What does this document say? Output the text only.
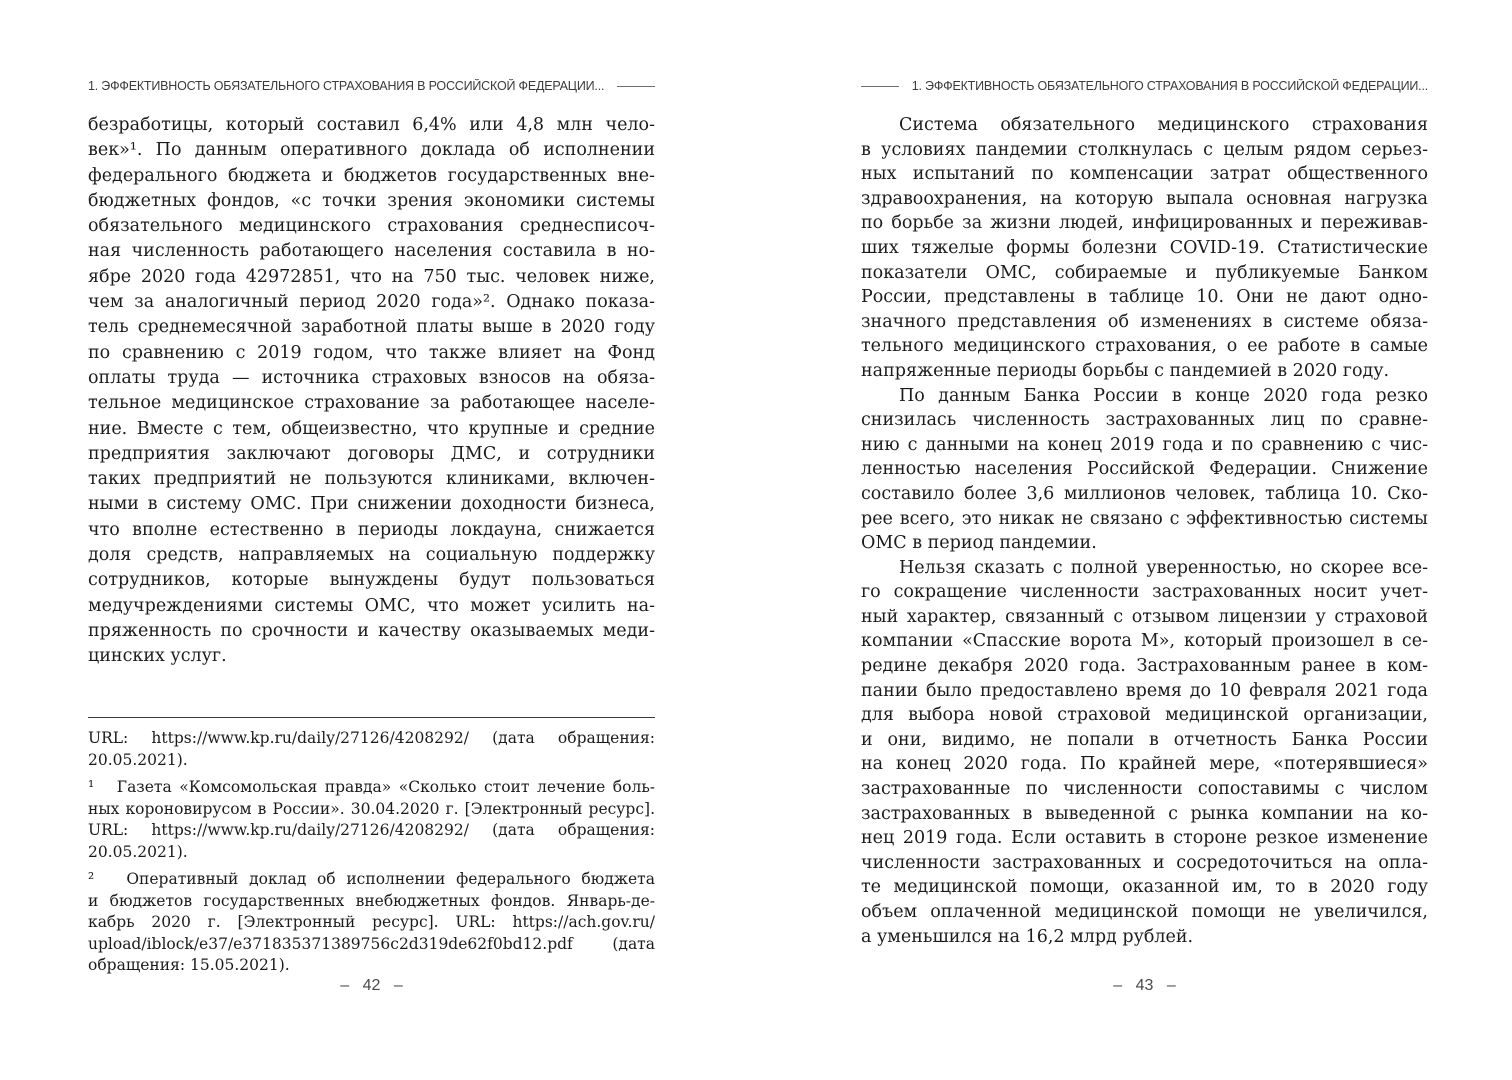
1. ЭФФЕКТИВНОСТЬ ОБЯЗАТЕЛЬНОГО СТРАХОВАНИЯ В РОССИЙСКОЙ ФЕДЕРАЦИИ...
безработицы, который составил 6,4% или 4,8 млн чело-
век»¹. По данным оперативного доклада об исполнении
федерального бюджета и бюджетов государственных вне-
бюджетных фондов, «с точки зрения экономики системы
обязательного медицинского страхования среднесписоч-
ная численность работающего населения составила в но-
ябре 2020 года 42972851, что на 750 тыс. человек ниже,
чем за аналогичный период 2020 года»². Однако показа-
тель среднемесячной заработной платы выше в 2020 году
по сравнению с 2019 годом, что также влияет на Фонд
оплаты труда — источника страховых взносов на обяза-
тельное медицинское страхование за работающее населе-
ние. Вместе с тем, общеизвестно, что крупные и средние
предприятия заключают договоры ДМС, и сотрудники
таких предприятий не пользуются клиниками, включен-
ными в систему ОМС. При снижении доходности бизнеса,
что вполне естественно в периоды локдауна, снижается
доля средств, направляемых на социальную поддержку
сотрудников, которые вынуждены будут пользоваться
медучреждениями системы ОМС, что может усилить на-
пряженность по срочности и качеству оказываемых меди-
цинских услуг.
URL: https://www.kp.ru/daily/27126/4208292/ (дата обращения:
20.05.2021).
¹   Газета «Комсомольская правда» «Сколько стоит лечение боль-
ных короновирусом в России». 30.04.2020 г. [Электронный ресурс].
URL: https://www.kp.ru/daily/27126/4208292/ (дата обращения:
20.05.2021).
²   Оперативный доклад об исполнении федерального бюджета
и бюджетов государственных внебюджетных фондов. Январь-де-
кабрь 2020 г. [Электронный ресурс]. URL: https://ach.gov.ru/
upload/iblock/e37/e371835371389756c2d319de62f0bd12.pdf (дата
обращения: 15.05.2021).
– 42 –
1. ЭФФЕКТИВНОСТЬ ОБЯЗАТЕЛЬНОГО СТРАХОВАНИЯ В РОССИЙСКОЙ ФЕДЕРАЦИИ...
Система обязательного медицинского страхования
в условиях пандемии столкнулась с целым рядом серьез-
ных испытаний по компенсации затрат общественного
здравоохранения, на которую выпала основная нагрузка
по борьбе за жизни людей, инфицированных и переживав-
ших тяжелые формы болезни COVID-19. Статистические
показатели ОМС, собираемые и публикуемые Банком
России, представлены в таблице 10. Они не дают одно-
значного представления об изменениях в системе обяза-
тельного медицинского страхования, о ее работе в самые
напряженные периоды борьбы с пандемией в 2020 году.
По данным Банка России в конце 2020 года резко
снизилась численность застрахованных лиц по сравне-
нию с данными на конец 2019 года и по сравнению с чис-
ленностью населения Российской Федерации. Снижение
составило более 3,6 миллионов человек, таблица 10. Ско-
рее всего, это никак не связано с эффективностью системы
ОМС в период пандемии.
Нельзя сказать с полной уверенностью, но скорее все-
го сокращение численности застрахованных носит учет-
ный характер, связанный с отзывом лицензии у страховой
компании «Спасские ворота М», который произошел в се-
редине декабря 2020 года. Застрахованным ранее в ком-
пании было предоставлено время до 10 февраля 2021 года
для выбора новой страховой медицинской организации,
и они, видимо, не попали в отчетность Банка России
на конец 2020 года. По крайней мере, «потерявшиеся»
застрахованные по численности сопоставимы с числом
застрахованных в выведенной с рынка компании на ко-
нец 2019 года. Если оставить в стороне резкое изменение
численности застрахованных и сосредоточиться на опла-
те медицинской помощи, оказанной им, то в 2020 году
объем оплаченной медицинской помощи не увеличился,
а уменьшился на 16,2 млрд рублей.
– 43 –
